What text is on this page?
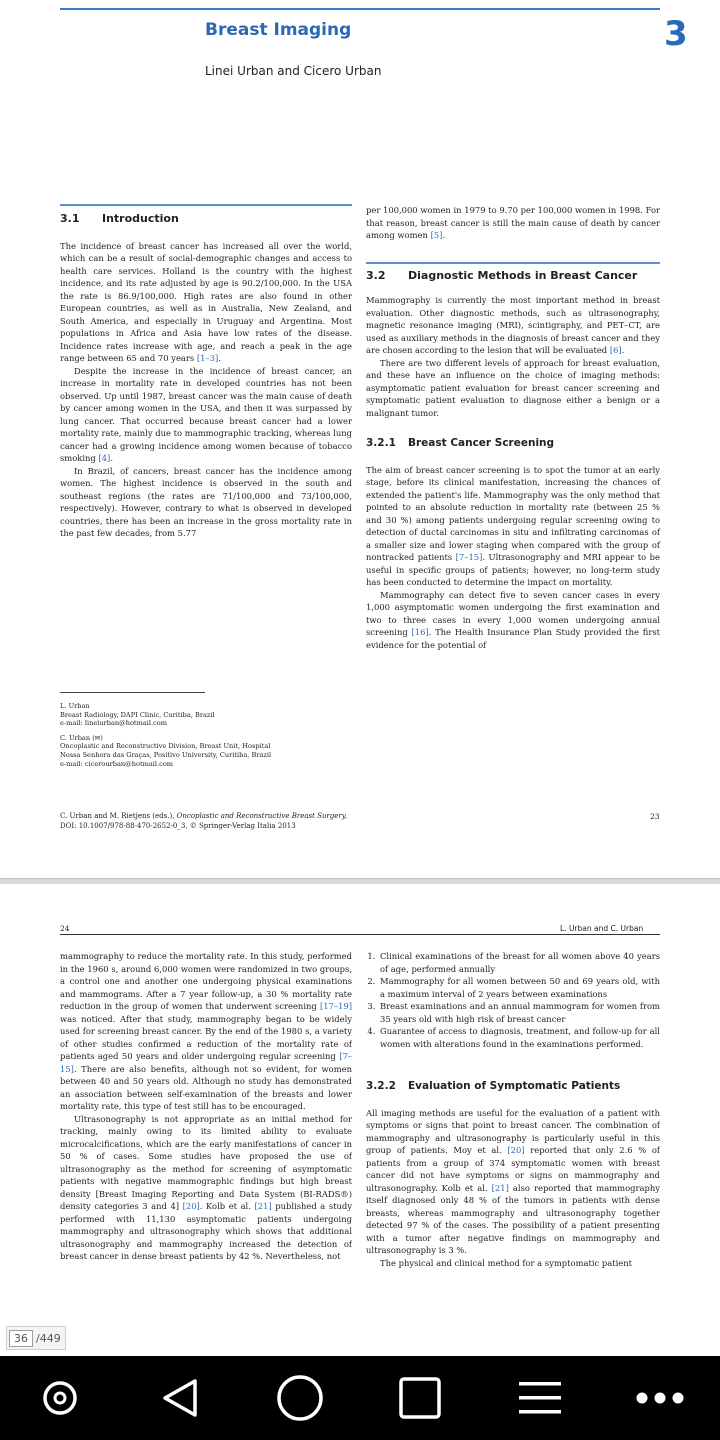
Breast Imaging	3
Linei Urban and Cicero Urban

3.1 Introduction

The incidence of breast cancer has increased all over the world, which can be a result of social-demographic changes and access to health care services. Holland is the country with the highest incidence, and its rate adjusted by age is 90.2/100,000. In the USA the rate is 86.9/100,000. High rates are also found in other European countries, as well as in Australia, New Zealand, and South America, and especially in Uruguay and Argentina. Most populations in Africa and Asia have low rates of the disease. Incidence rates increase with age, and reach a peak in the age range between 65 and 70 years [1–3].

Despite the increase in the incidence of breast cancer, an increase in mortality rate in developed countries has not been observed. Up until 1987, breast cancer was the main cause of death by cancer among women in the USA, and then it was surpassed by lung cancer. That occurred because breast cancer had a lower mortality rate, mainly due to mammographic tracking, whereas lung cancer had a growing incidence among women because of tobacco smoking [4].

In Brazil, of cancers, breast cancer has the incidence among women. The highest incidence is observed in the south and southeast regions (the rates are 71/100,000 and 73/100,000, respectively). However, contrary to what is observed in developed countries, there has been an increase in the gross mortality rate in the past few decades, from 5.77

per 100,000 women in 1979 to 9.70 per 100,000 women in 1998. For that reason, breast cancer is still the main cause of death by cancer among women [5].

3.2 Diagnostic Methods in Breast Cancer

Mammography is currently the most important method in breast evaluation. Other diagnostic methods, such as ultrasonography, magnetic resonance imaging (MRI), scintigraphy, and PET–CT, are used as auxiliary methods in the diagnosis of breast cancer and they are chosen according to the lesion that will be evaluated [6].

There are two different levels of approach for breast evaluation, and these have an influence on the choice of imaging methods: asymptomatic patient evaluation for breast cancer screening and symptomatic patient evaluation to diagnose either a benign or a malignant tumor.

3.2.1 Breast Cancer Screening

The aim of breast cancer screening is to spot the tumor at an early stage, before its clinical manifestation, increasing the chances of extended the patient's life. Mammography was the only method that pointed to an absolute reduction in mortality rate (between 25 % and 30 %) among patients undergoing regular screening owing to detection of ductal carcinomas in situ and infiltrating carcinomas of a smaller size and lower staging when compared with the group of nontracked patients [7–15]. Ultrasonography and MRI appear to be useful in specific groups of patients; however, no long-term study has been conducted to determine the impact on mortality.

Mammography can detect five to seven cancer cases in every 1,000 asymptomatic women undergoing the first examination and two to three cases in every 1,000 women undergoing annual screening [16]. The Health Insurance Plan Study provided the first evidence for the potential of

L. Urban
Breast Radiology, DAPI Clinic, Curitiba, Brazil
e-mail: lineiurban@hotmail.com
C. Urban (✉)
Oncoplastic and Reconstructive Division, Breast Unit, Hospital
Nossa Senhora das Graças, Positivo University, Curitiba, Brazil
e-mail: cicerourban@hotmail.com
C. Urban and M. Rietjens (eds.), Oncoplastic and Reconstructive Breast Surgery,
DOI: 10.1007/978-88-470-2652-0_3, © Springer-Verlag Italia 2013
23
24	L. Urban and C. Urban

mammography to reduce the mortality rate. In this study, performed in the 1960 s, around 6,000 women were randomized in two groups, a control one and another one undergoing physical examinations and mammograms. After a 7 year follow-up, a 30 % mortality rate reduction in the group of women that underwent screening [17–19] was noticed. After that study, mammography began to be widely used for screening breast cancer. By the end of the 1980 s, a variety of other studies confirmed a reduction of the mortality rate of patients aged 50 years and older undergoing regular screening [7–15]. There are also benefits, although not so evident, for women between 40 and 50 years old. Although no study has demonstrated an association between self-examination of the breasts and lower mortality rate, this type of test still has to be encouraged.

Ultrasonography is not appropriate as an initial method for tracking, mainly owing to its limited ability to evaluate microcalcifications, which are the early manifestations of cancer in 50 % of cases. Some studies have proposed the use of ultrasonography as the method for screening of asymptomatic patients with negative mammographic findings but high breast density [Breast Imaging Reporting and Data System (BI-RADS®) density categories 3 and 4] [20]. Kolb et al. [21] published a study performed with 11,130 asymptomatic patients undergoing mammography and ultrasonography which shows that additional ultrasonography and mammography increased the detection of breast cancer in dense breast patients by 42 %. Nevertheless, not

1. Clinical examinations of the breast for all women above 40 years of age, performed annually
2. Mammography for all women between 50 and 69 years old, with a maximum interval of 2 years between examinations
3. Breast examinations and an annual mammogram for women from 35 years old with high risk of breast cancer
4. Guarantee of access to diagnosis, treatment, and follow-up for all women with alterations found in the examinations performed.

3.2.2 Evaluation of Symptomatic Patients

All imaging methods are useful for the evaluation of a patient with symptoms or signs that point to breast cancer. The combination of mammography and ultrasonography is particularly useful in this group of patients. Moy et al. [20] reported that only 2.6 % of patients from a group of 374 symptomatic women with breast cancer did not have symptoms or signs on mammography and ultrasonography. Kolb et al. [21] also reported that mammography itself diagnosed only 48 % of the tumors in patients with dense breasts, whereas mammography and ultrasonography together detected 97 % of the cases. The possibility of a patient presenting with a tumor after negative findings on mammography and ultrasonography is 3 %.

The physical and clinical method for a symptomatic patient

36 /449
